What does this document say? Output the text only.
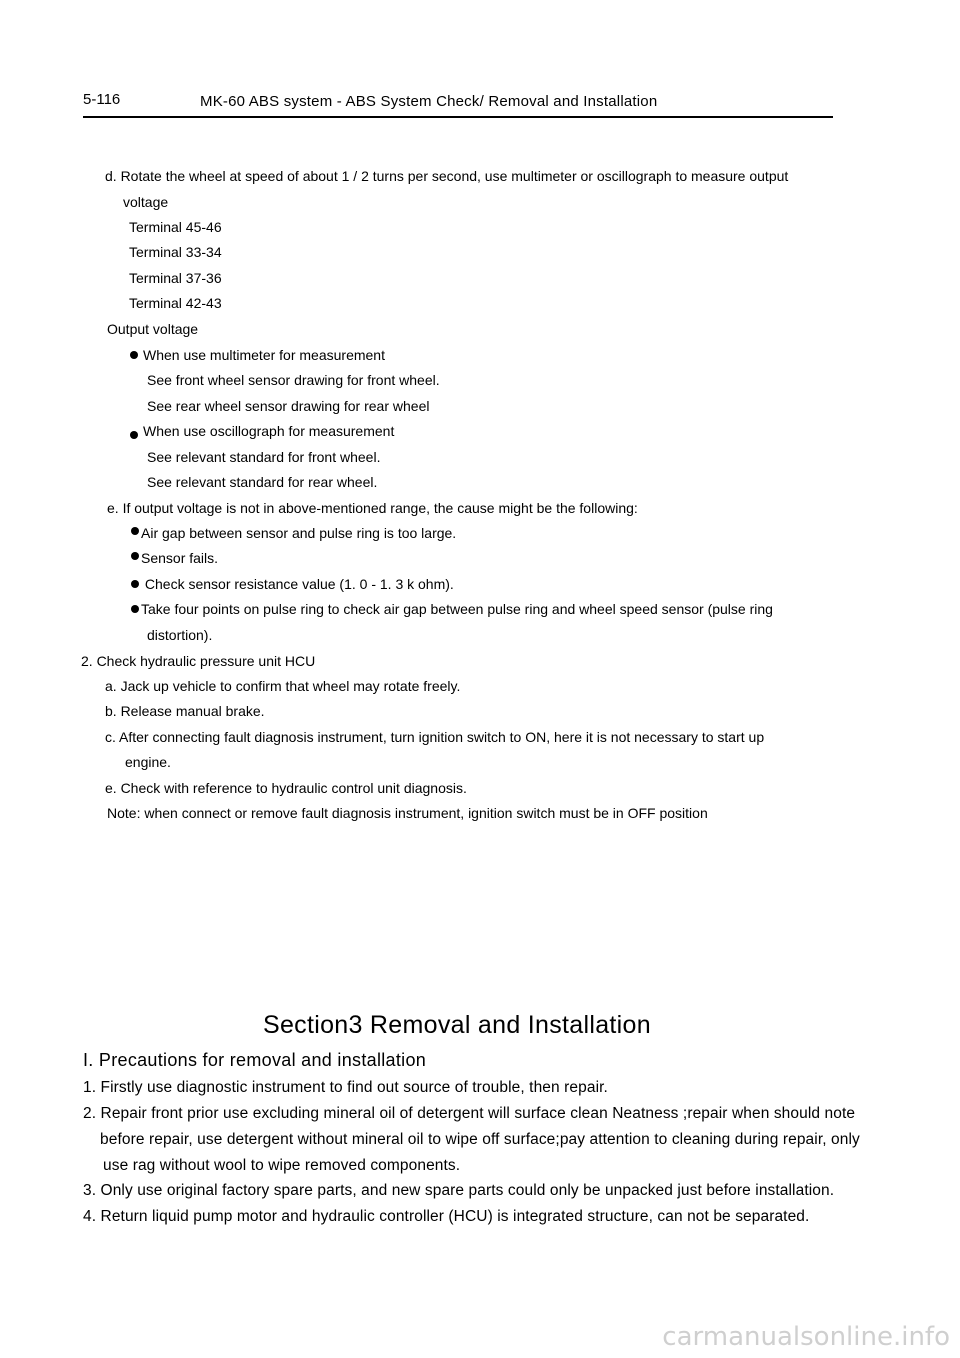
5-116	MK-60 ABS system - ABS System Check/ Removal and Installation
d. Rotate the wheel at speed of about 1 / 2 turns per second, use multimeter or oscillograph to measure output
voltage
Terminal 45-46
Terminal 33-34
Terminal 37-36
Terminal 42-43
Output voltage
When use multimeter for measurement
See front wheel sensor drawing for front wheel.
See rear wheel sensor drawing for rear wheel
When use oscillograph for measurement
See relevant standard for front wheel.
See relevant standard for rear wheel.
e. If output voltage is not in above-mentioned range, the cause might be the following:
Air gap between sensor and pulse ring is too large.
Sensor fails.
Check sensor resistance value (1. 0 - 1. 3 k ohm).
Take four points on pulse ring to check air gap between pulse ring and wheel speed sensor (pulse ring
distortion).
2. Check hydraulic pressure unit HCU
a. Jack up vehicle to confirm that wheel may rotate freely.
b. Release manual brake.
c. After connecting fault diagnosis instrument, turn ignition switch to ON, here it is not necessary to start up
engine.
e. Check with reference to hydraulic control unit diagnosis.
Note: when connect or remove fault diagnosis instrument, ignition switch must be in OFF position
Section3 Removal and Installation
I. Precautions for removal and installation
1. Firstly use diagnostic instrument to find out source of trouble, then repair.
2. Repair front prior use excluding mineral oil of detergent will surface clean Neatness ;repair when should note
before repair, use detergent without mineral oil to wipe off surface;pay attention to cleaning during repair, only
use rag without wool to wipe removed components.
3. Only use original factory spare parts, and new spare parts could only be unpacked just before installation.
4. Return liquid pump motor and hydraulic controller (HCU) is integrated structure, can not be separated.
carmanualsonline.info
